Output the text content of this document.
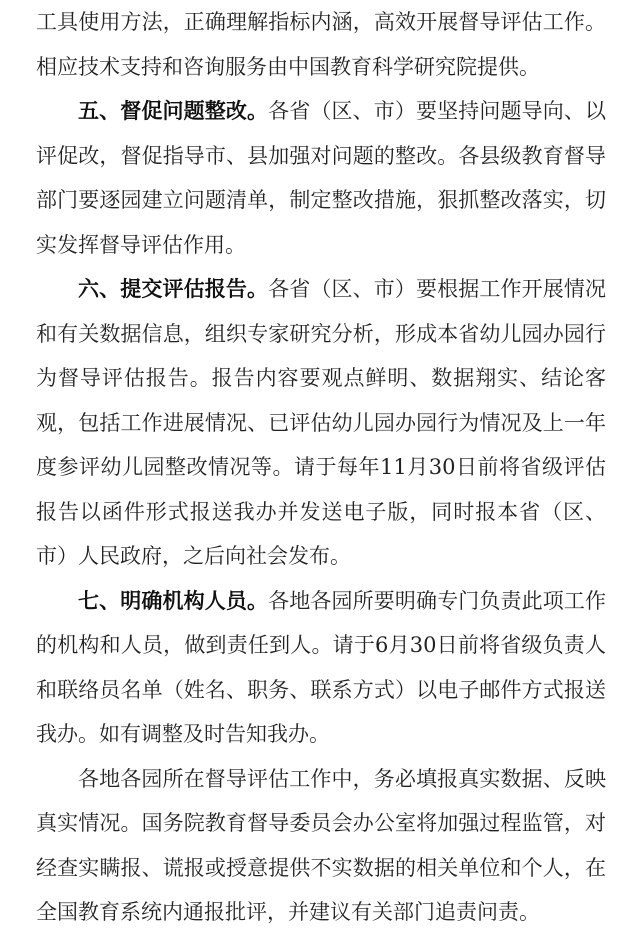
工具使用方法，正确理解指标内涵，高效开展督导评估工作。相应技术支持和咨询服务由中国教育科学研究院提供。

五、督促问题整改。各省（区、市）要坚持问题导向、以评促改，督促指导市、县加强对问题的整改。各县级教育督导部门要逐园建立问题清单，制定整改措施，狠抓整改落实，切实发挥督导评估作用。

六、提交评估报告。各省（区、市）要根据工作开展情况和有关数据信息，组织专家研究分析，形成本省幼儿园办园行为督导评估报告。报告内容要观点鲜明、数据翔实、结论客观，包括工作进展情况、已评估幼儿园办园行为情况及上一年度参评幼儿园整改情况等。请于每年11月30日前将省级评估报告以函件形式报送我办并发送电子版，同时报本省（区、市）人民政府，之后向社会发布。

七、明确机构人员。各地各园所要明确专门负责此项工作的机构和人员，做到责任到人。请于6月30日前将省级负责人和联络员名单（姓名、职务、联系方式）以电子邮件方式报送我办。如有调整及时告知我办。

各地各园所在督导评估工作中，务必填报真实数据、反映真实情况。国务院教育督导委员会办公室将加强过程监管，对经查实瞒报、谎报或授意提供不实数据的相关单位和个人，在全国教育系统内通报批评，并建议有关部门追责问责。
